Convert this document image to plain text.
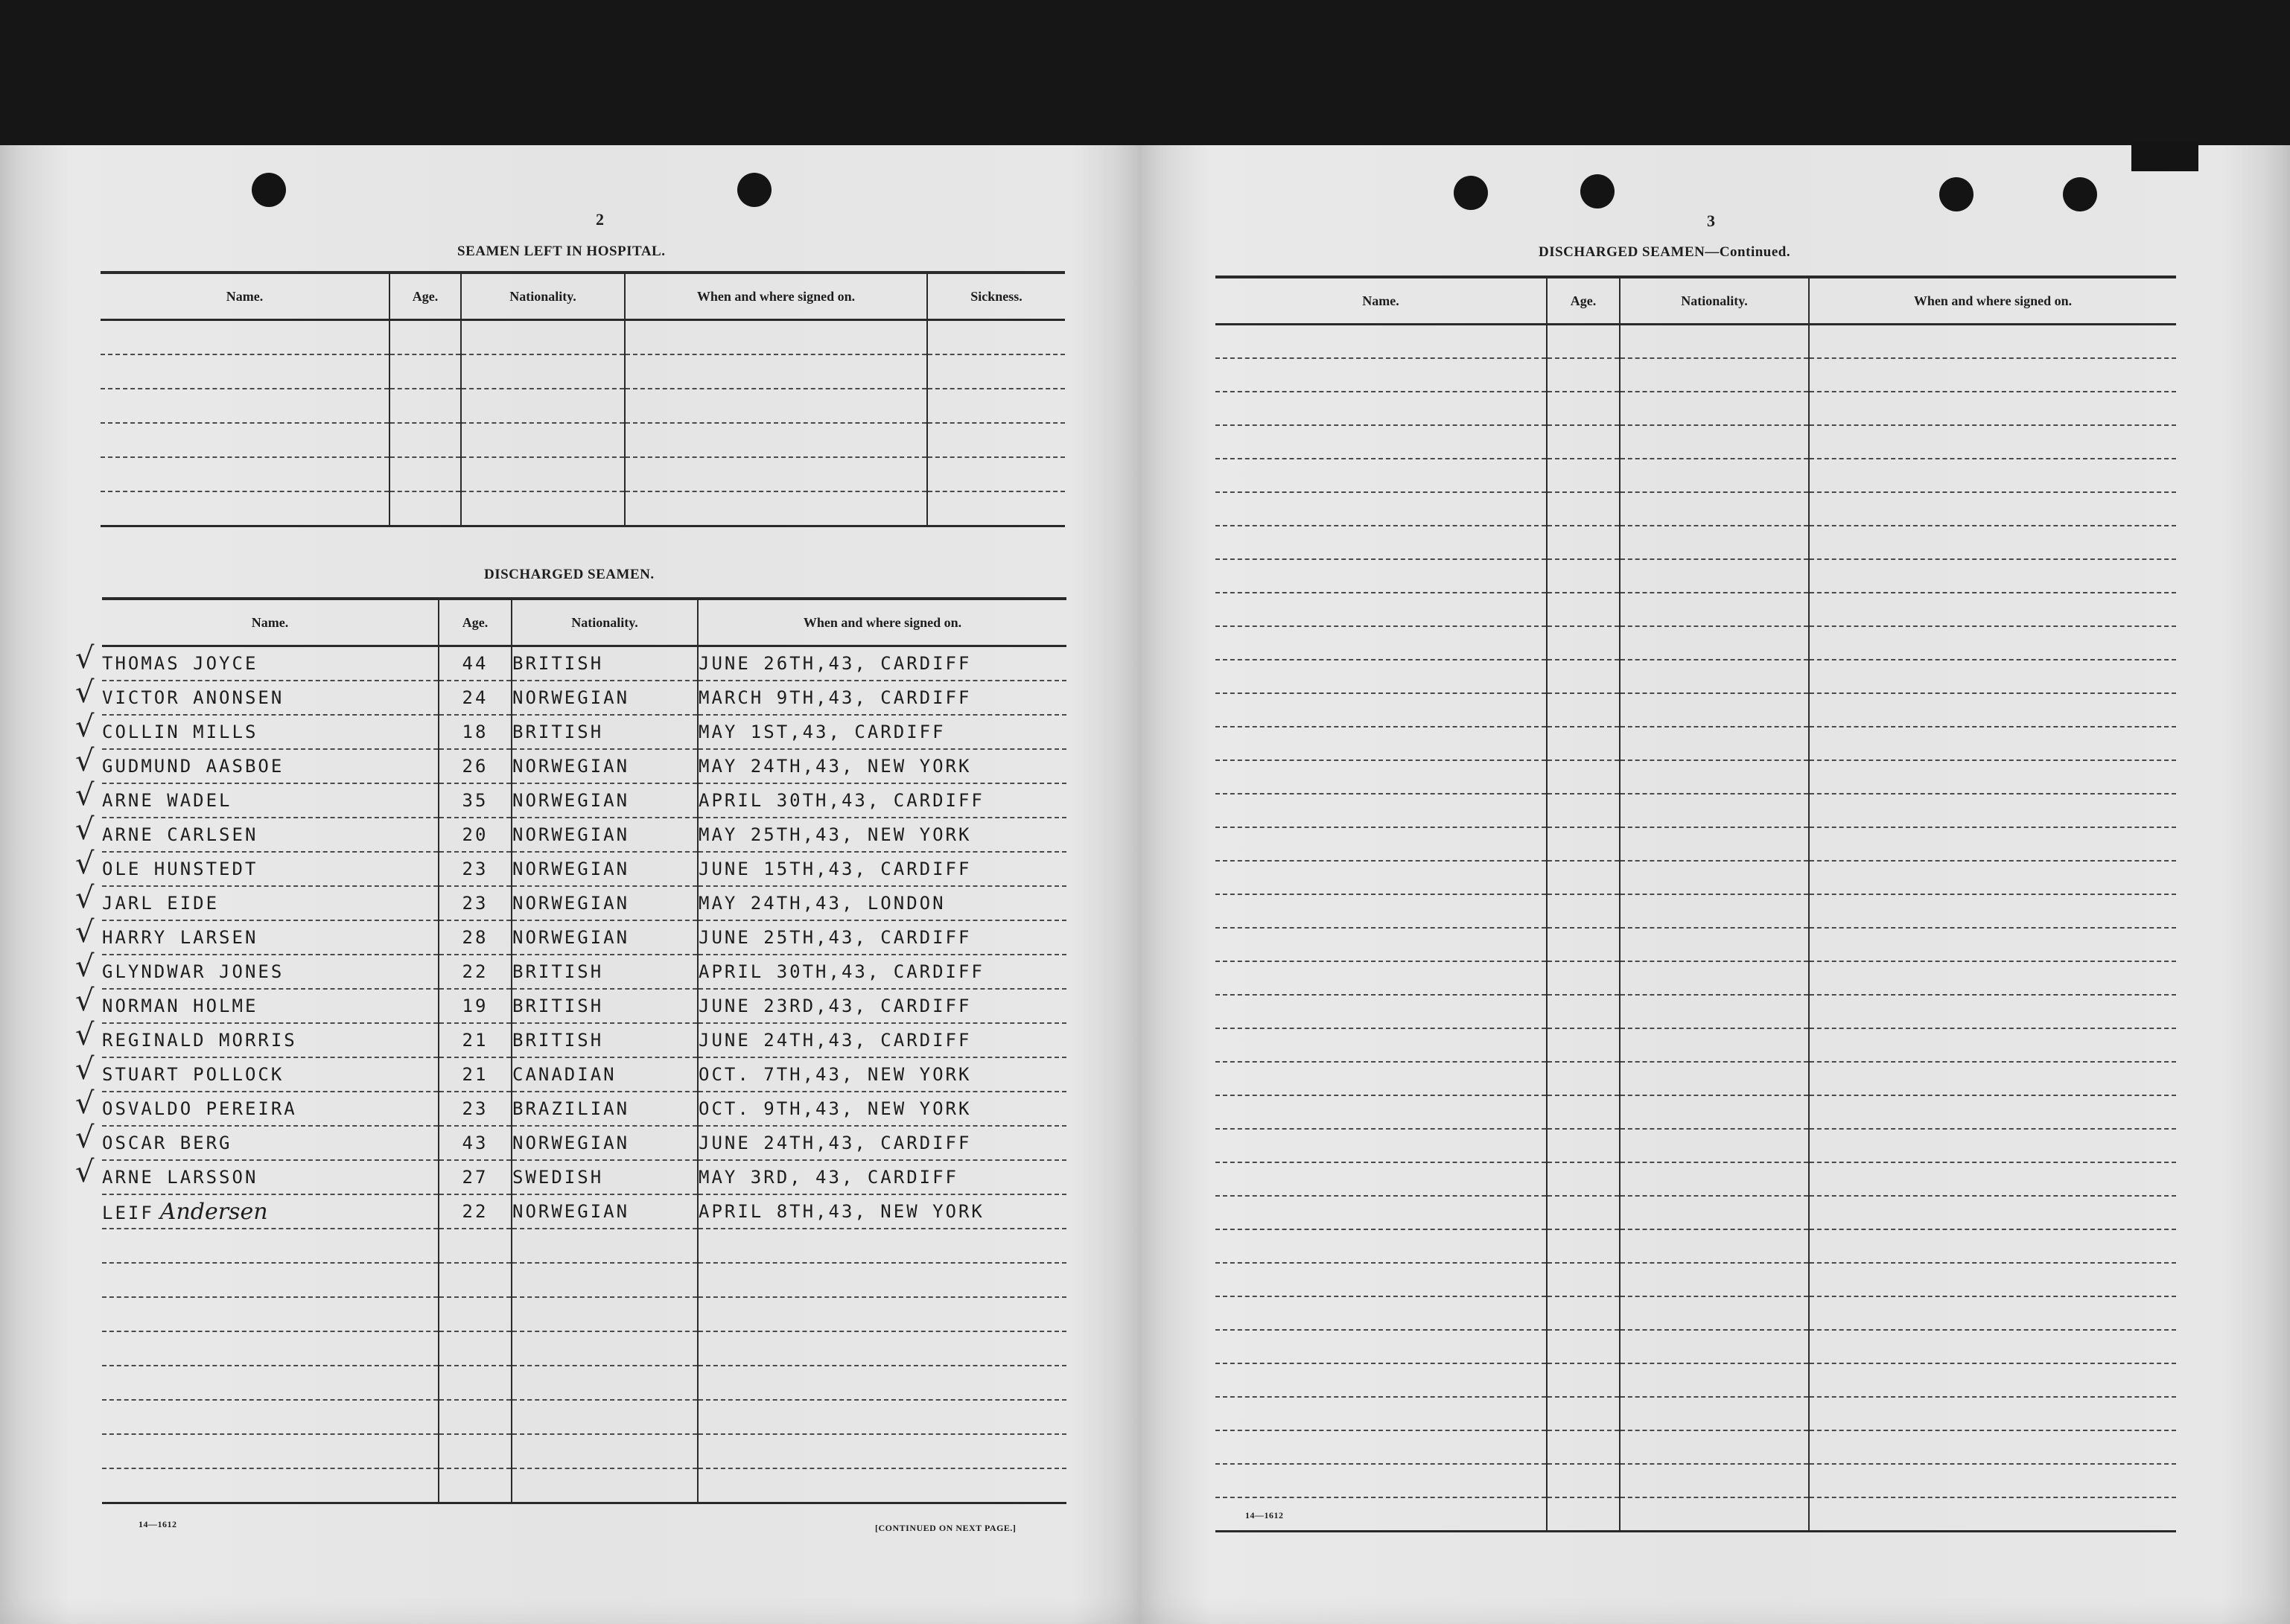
2
SEAMEN LEFT IN HOSPITAL.
Name.	Age.	Nationality.	When and where signed on.	Sickness.

DISCHARGED SEAMEN.
Name.	Age.	Nationality.	When and where signed on.

√ THOMAS JOYCE	44	BRITISH	JUNE 26TH,43, CARDIFF

√ VICTOR ANONSEN	24	NORWEGIAN	MARCH 9TH,43, CARDIFF

√ COLLIN MILLS	18	BRITISH	MAY 1ST,43, CARDIFF

√ GUDMUND AASBOE	26	NORWEGIAN	MAY 24TH,43, NEW YORK

√ ARNE WADEL	35	NORWEGIAN	APRIL 30TH,43, CARDIFF

√ ARNE CARLSEN	20	NORWEGIAN	MAY 25TH,43, NEW YORK

√ OLE HUNSTEDT	23	NORWEGIAN	JUNE 15TH,43, CARDIFF

√ JARL EIDE	23	NORWEGIAN	MAY 24TH,43, LONDON

√ HARRY LARSEN	28	NORWEGIAN	JUNE 25TH,43, CARDIFF

√ GLYNDWAR JONES	22	BRITISH	APRIL 30TH,43, CARDIFF

√ NORMAN HOLME	19	BRITISH	JUNE 23RD,43, CARDIFF

√ REGINALD MORRIS	21	BRITISH	JUNE 24TH,43, CARDIFF

√ STUART POLLOCK	21	CANADIAN	OCT. 7TH,43, NEW YORK

√ OSVALDO PEREIRA	23	BRAZILIAN	OCT. 9TH,43, NEW YORK

√ OSCAR BERG	43	NORWEGIAN	JUNE 24TH,43, CARDIFF

√ ARNE LARSSON	27	SWEDISH	MAY 3RD, 43, CARDIFF
LEIF Andersen	22	NORWEGIAN	APRIL 8TH,43, NEW YORK

14—1612	[CONTINUED ON NEXT PAGE.]
3
DISCHARGED SEAMEN—Continued.
Name.	Age.	Nationality.	When and where signed on.

14—1612
